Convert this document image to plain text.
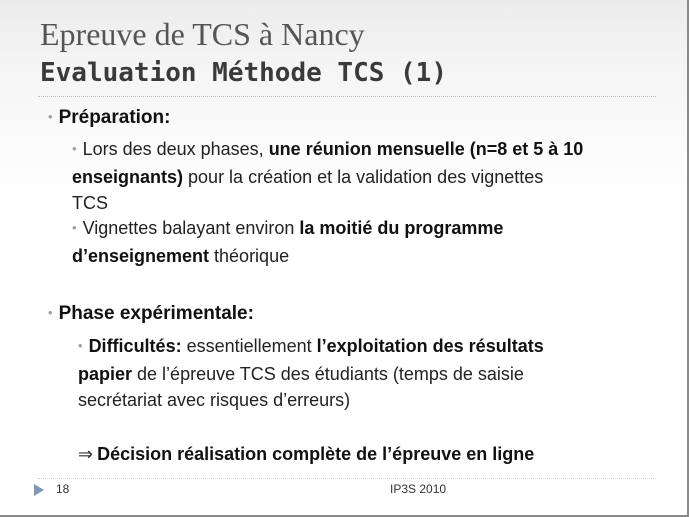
Epreuve de TCS à Nancy
Evaluation Méthode TCS (1)
• Préparation:
• Lors des deux phases, une réunion mensuelle (n=8 et 5 à 10
enseignants) pour la création et la validation des vignettes
TCS
• Vignettes balayant environ la moitié du programme
d’enseignement théorique
• Phase expérimentale:
• Difficultés: essentiellement l’exploitation des résultats
papier de l’épreuve TCS des étudiants (temps de saisie
secrétariat avec risques d’erreurs)
⇒ Décision réalisation complète de l’épreuve en ligne
18	IP3S 2010
